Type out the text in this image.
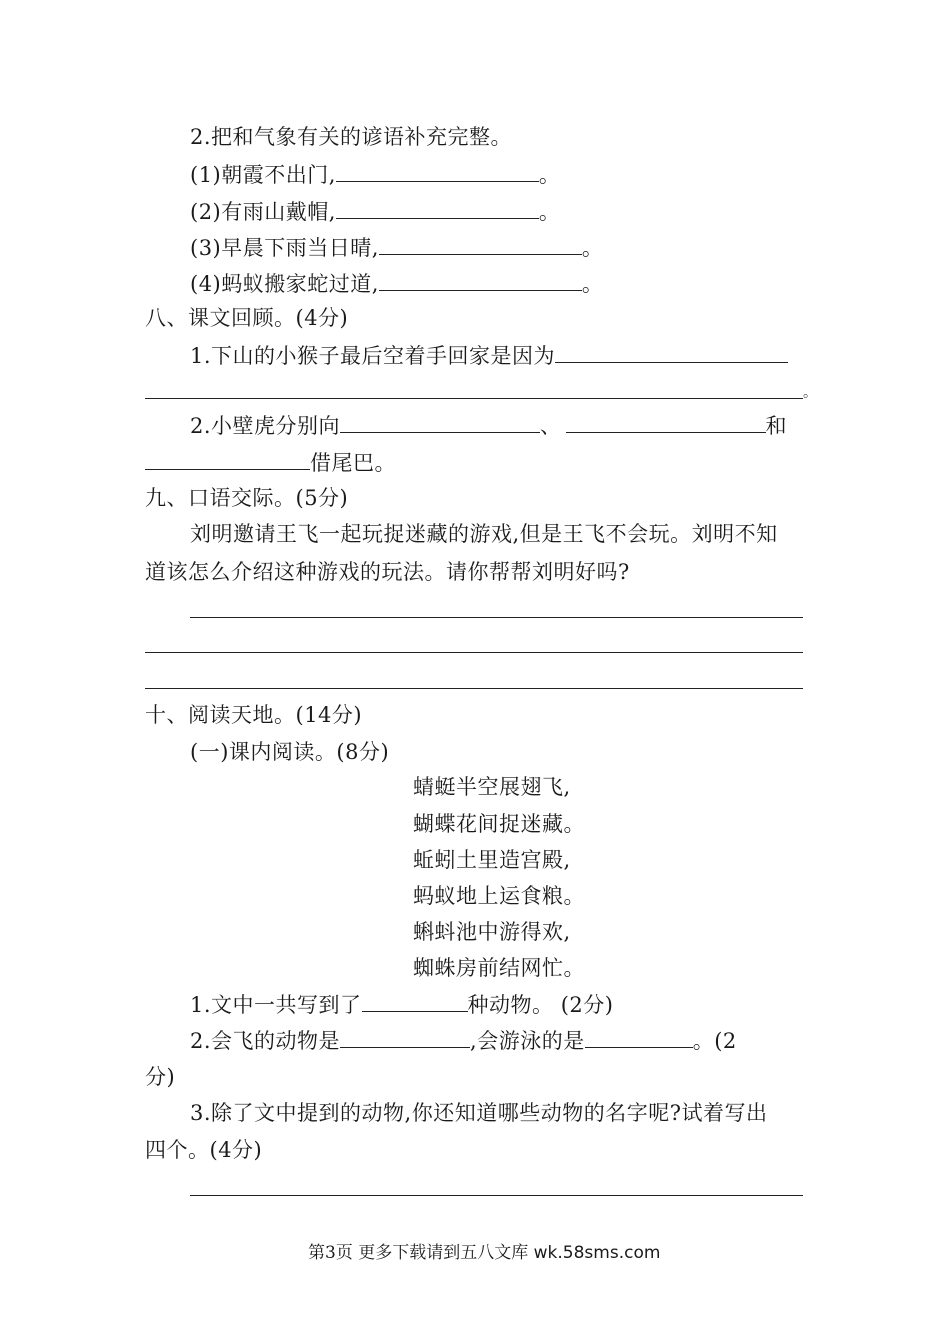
2.把和气象有关的谚语补充完整。
(1)朝霞不出门,	。
(2)有雨山戴帽,	。
(3)早晨下雨当日晴,	。
(4)蚂蚁搬家蛇过道,	。
八、课文回顾。(4分)
1.下山的小猴子最后空着手回家是因为
。
2.小壁虎分别向	、	和
借尾巴。
九、口语交际。(5分)
刘明邀请王飞一起玩捉迷藏的游戏,但是王飞不会玩。刘明不知
道该怎么介绍这种游戏的玩法。请你帮帮刘明好吗?
十、阅读天地。(14分)
(一)课内阅读。(8分)
蜻蜓半空展翅飞,
蝴蝶花间捉迷藏。
蚯蚓土里造宫殿,
蚂蚁地上运食粮。
蝌蚪池中游得欢,
蜘蛛房前结网忙。
1.文中一共写到了	种动物。 (2分)
2.会飞的动物是	,会游泳的是	。(2
分)
3.除了文中提到的动物,你还知道哪些动物的名字呢?试着写出
四个。(4分)
第3页 更多下载请到五八文库 wk.58sms.com
